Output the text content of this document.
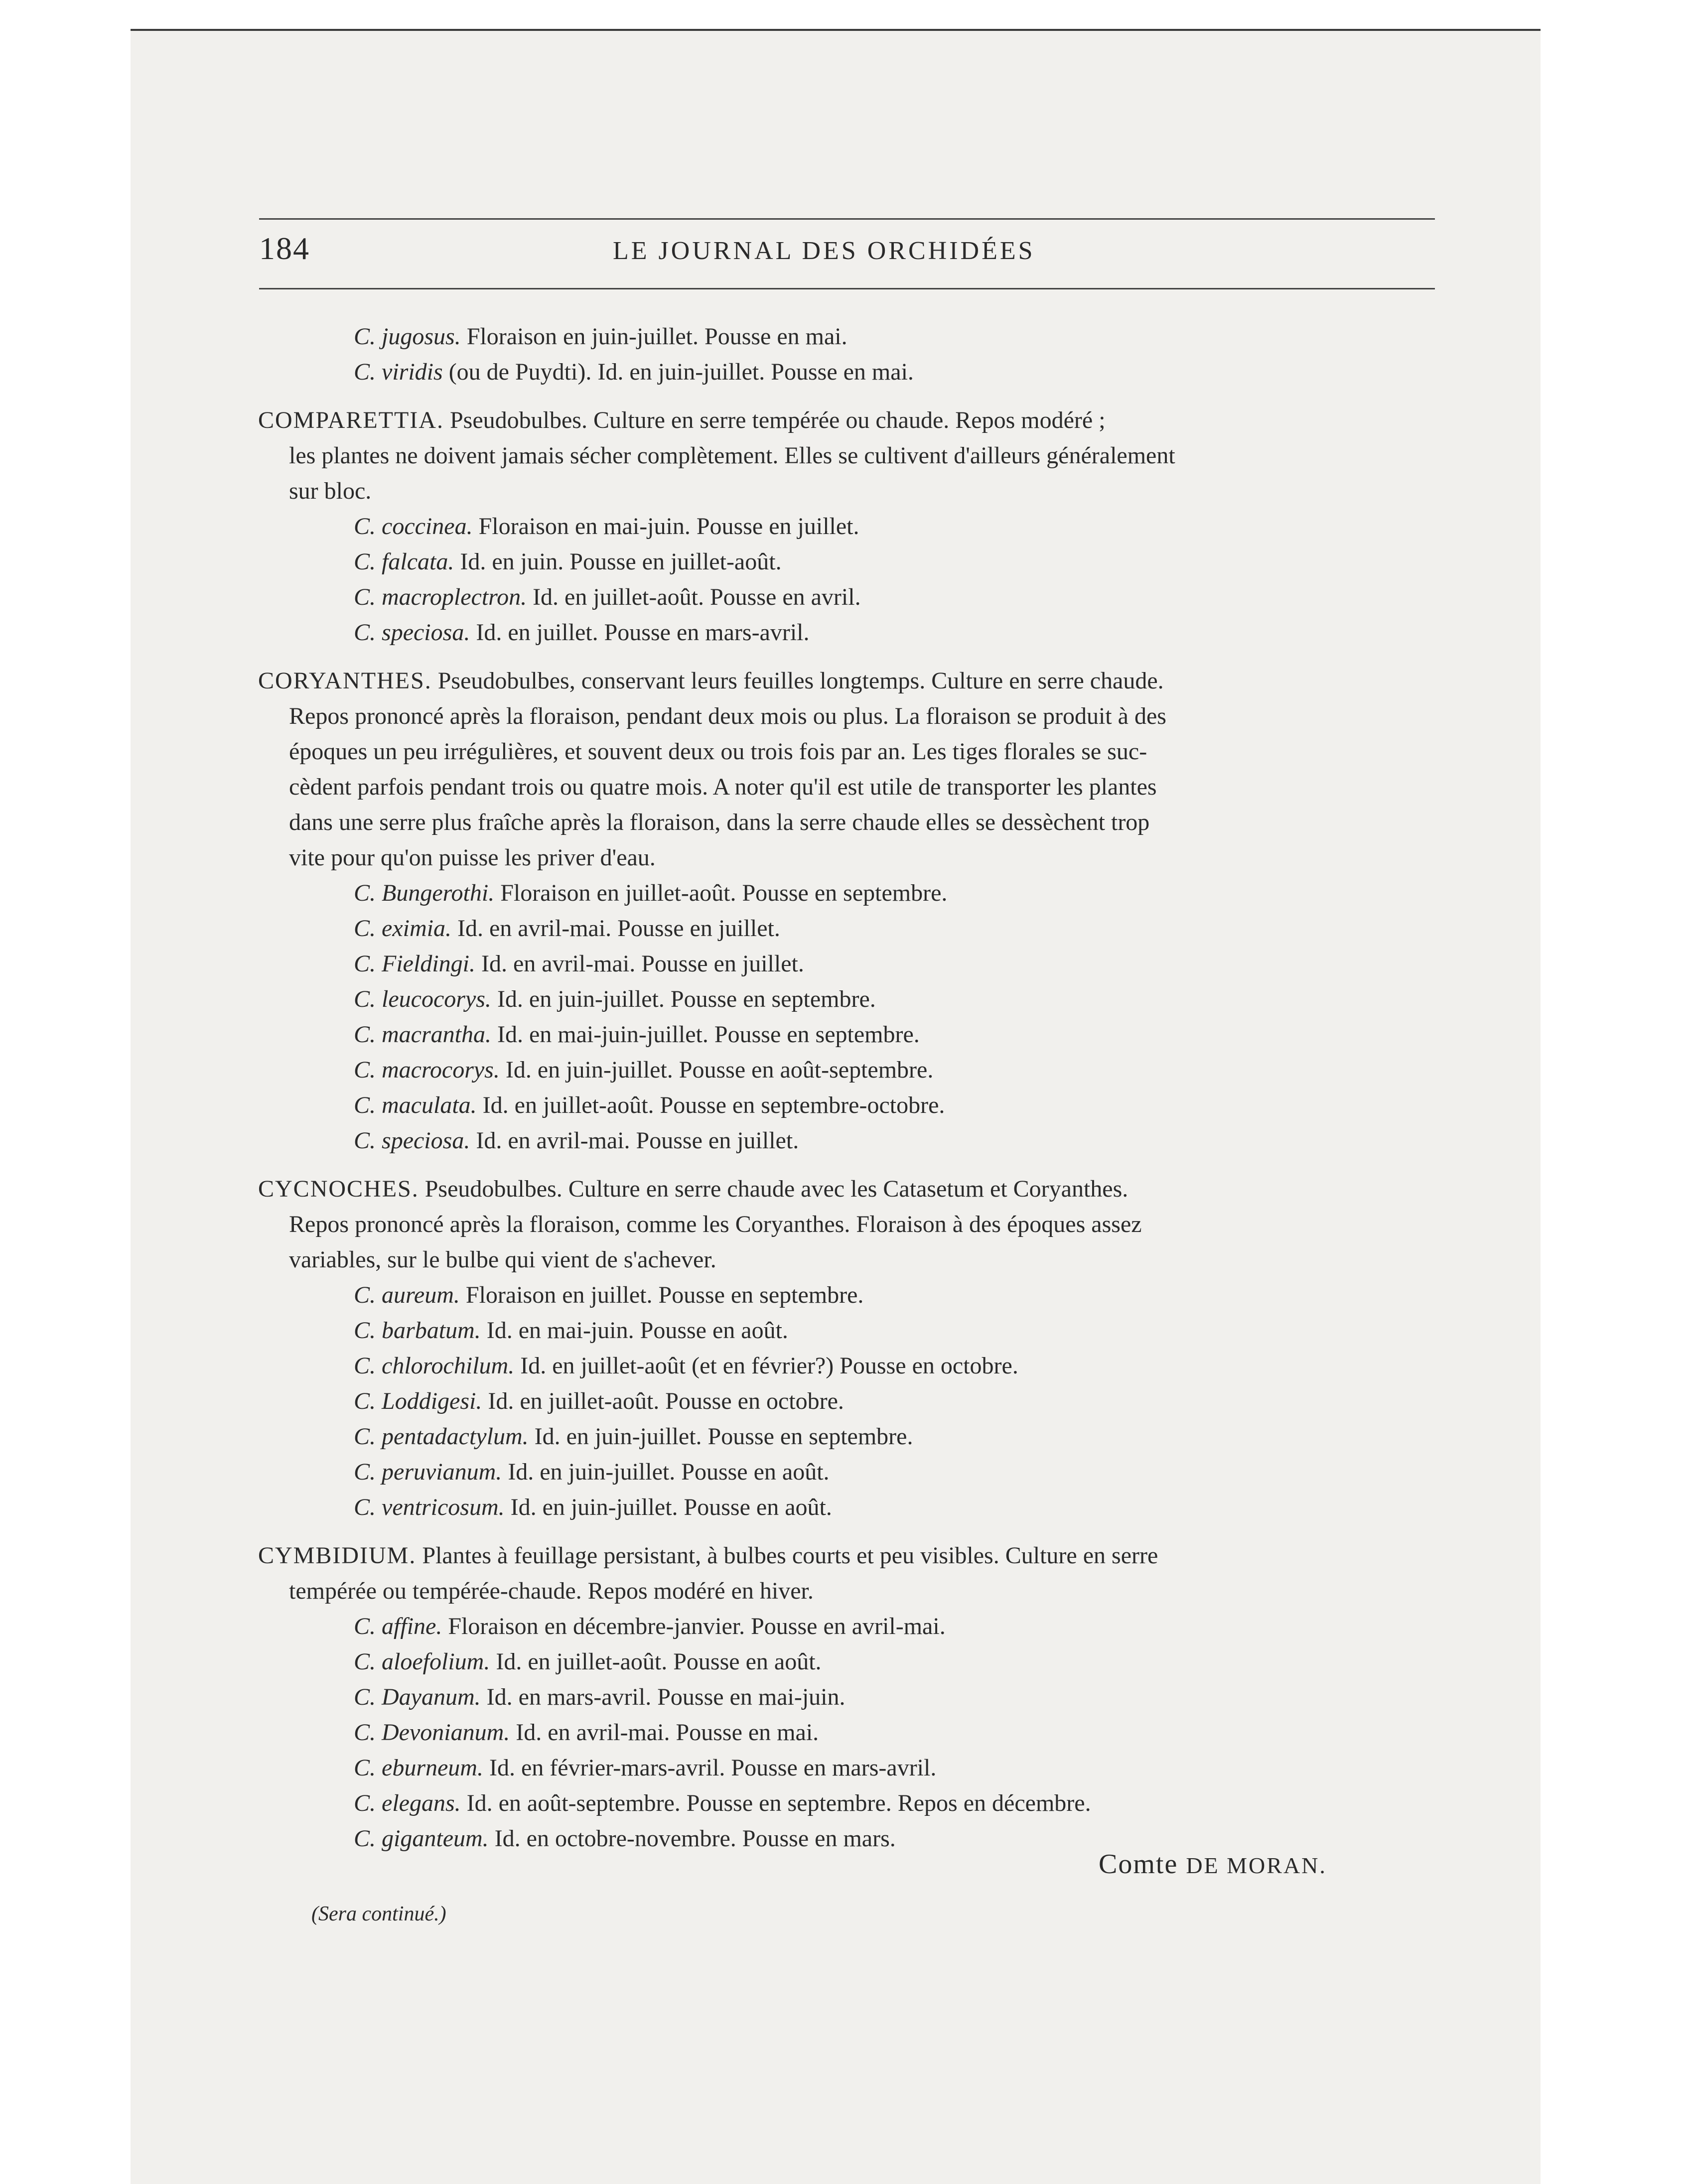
184	LE JOURNAL DES ORCHIDÉES
C. jugosus. Floraison en juin-juillet. Pousse en mai.
C. viridis (ou de Puydti). Id. en juin-juillet. Pousse en mai.
COMPARETTIA. Pseudobulbes. Culture en serre tempérée ou chaude. Repos modéré ;
les plantes ne doivent jamais sécher complètement. Elles se cultivent d'ailleurs généralement
sur bloc.
C. coccinea. Floraison en mai-juin. Pousse en juillet.
C. falcata. Id. en juin. Pousse en juillet-août.
C. macroplectron. Id. en juillet-août. Pousse en avril.
C. speciosa. Id. en juillet. Pousse en mars-avril.
CORYANTHES. Pseudobulbes, conservant leurs feuilles longtemps. Culture en serre chaude.
Repos prononcé après la floraison, pendant deux mois ou plus. La floraison se produit à des
époques un peu irrégulières, et souvent deux ou trois fois par an. Les tiges florales se suc-
cèdent parfois pendant trois ou quatre mois. A noter qu'il est utile de transporter les plantes
dans une serre plus fraîche après la floraison, dans la serre chaude elles se dessèchent trop
vite pour qu'on puisse les priver d'eau.
C. Bungerothi. Floraison en juillet-août. Pousse en septembre.
C. eximia. Id. en avril-mai. Pousse en juillet.
C. Fieldingi. Id. en avril-mai. Pousse en juillet.
C. leucocorys. Id. en juin-juillet. Pousse en septembre.
C. macrantha. Id. en mai-juin-juillet. Pousse en septembre.
C. macrocorys. Id. en juin-juillet. Pousse en août-septembre.
C. maculata. Id. en juillet-août. Pousse en septembre-octobre.
C. speciosa. Id. en avril-mai. Pousse en juillet.
CYCNOCHES. Pseudobulbes. Culture en serre chaude avec les Catasetum et Coryanthes.
Repos prononcé après la floraison, comme les Coryanthes. Floraison à des époques assez
variables, sur le bulbe qui vient de s'achever.
C. aureum. Floraison en juillet. Pousse en septembre.
C. barbatum. Id. en mai-juin. Pousse en août.
C. chlorochilum. Id. en juillet-août (et en février?) Pousse en octobre.
C. Loddigesi. Id. en juillet-août. Pousse en octobre.
C. pentadactylum. Id. en juin-juillet. Pousse en septembre.
C. peruvianum. Id. en juin-juillet. Pousse en août.
C. ventricosum. Id. en juin-juillet. Pousse en août.
CYMBIDIUM. Plantes à feuillage persistant, à bulbes courts et peu visibles. Culture en serre
tempérée ou tempérée-chaude. Repos modéré en hiver.
C. affine. Floraison en décembre-janvier. Pousse en avril-mai.
C. aloefolium. Id. en juillet-août. Pousse en août.
C. Dayanum. Id. en mars-avril. Pousse en mai-juin.
C. Devonianum. Id. en avril-mai. Pousse en mai.
C. eburneum. Id. en février-mars-avril. Pousse en mars-avril.
C. elegans. Id. en août-septembre. Pousse en septembre. Repos en décembre.
C. giganteum. Id. en octobre-novembre. Pousse en mars.
Comte DE MORAN.
(Sera continué.)
